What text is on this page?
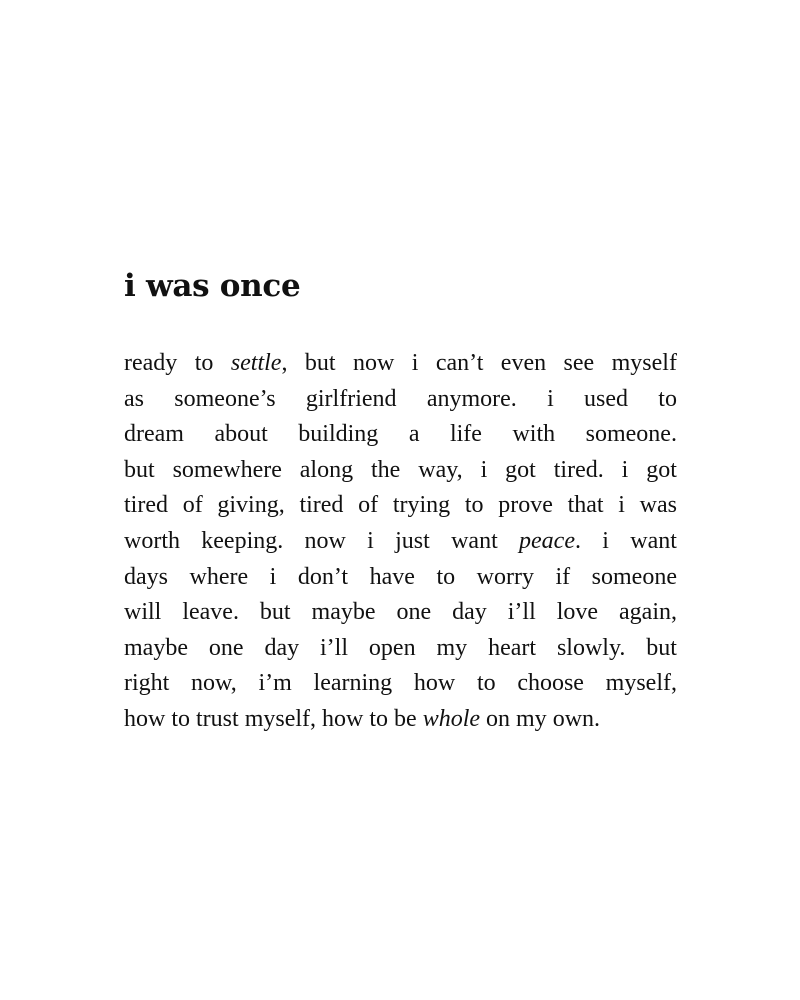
i was once
ready to settle, but now i can’t even see myself
as someone’s girlfriend anymore. i used to
dream about building a life with someone.
but somewhere along the way, i got tired. i got
tired of giving, tired of trying to prove that i was
worth keeping. now i just want peace. i want
days where i don’t have to worry if someone
will leave. but maybe one day i’ll love again,
maybe one day i’ll open my heart slowly. but
right now, i’m learning how to choose myself,
how to trust myself, how to be whole on my own.
